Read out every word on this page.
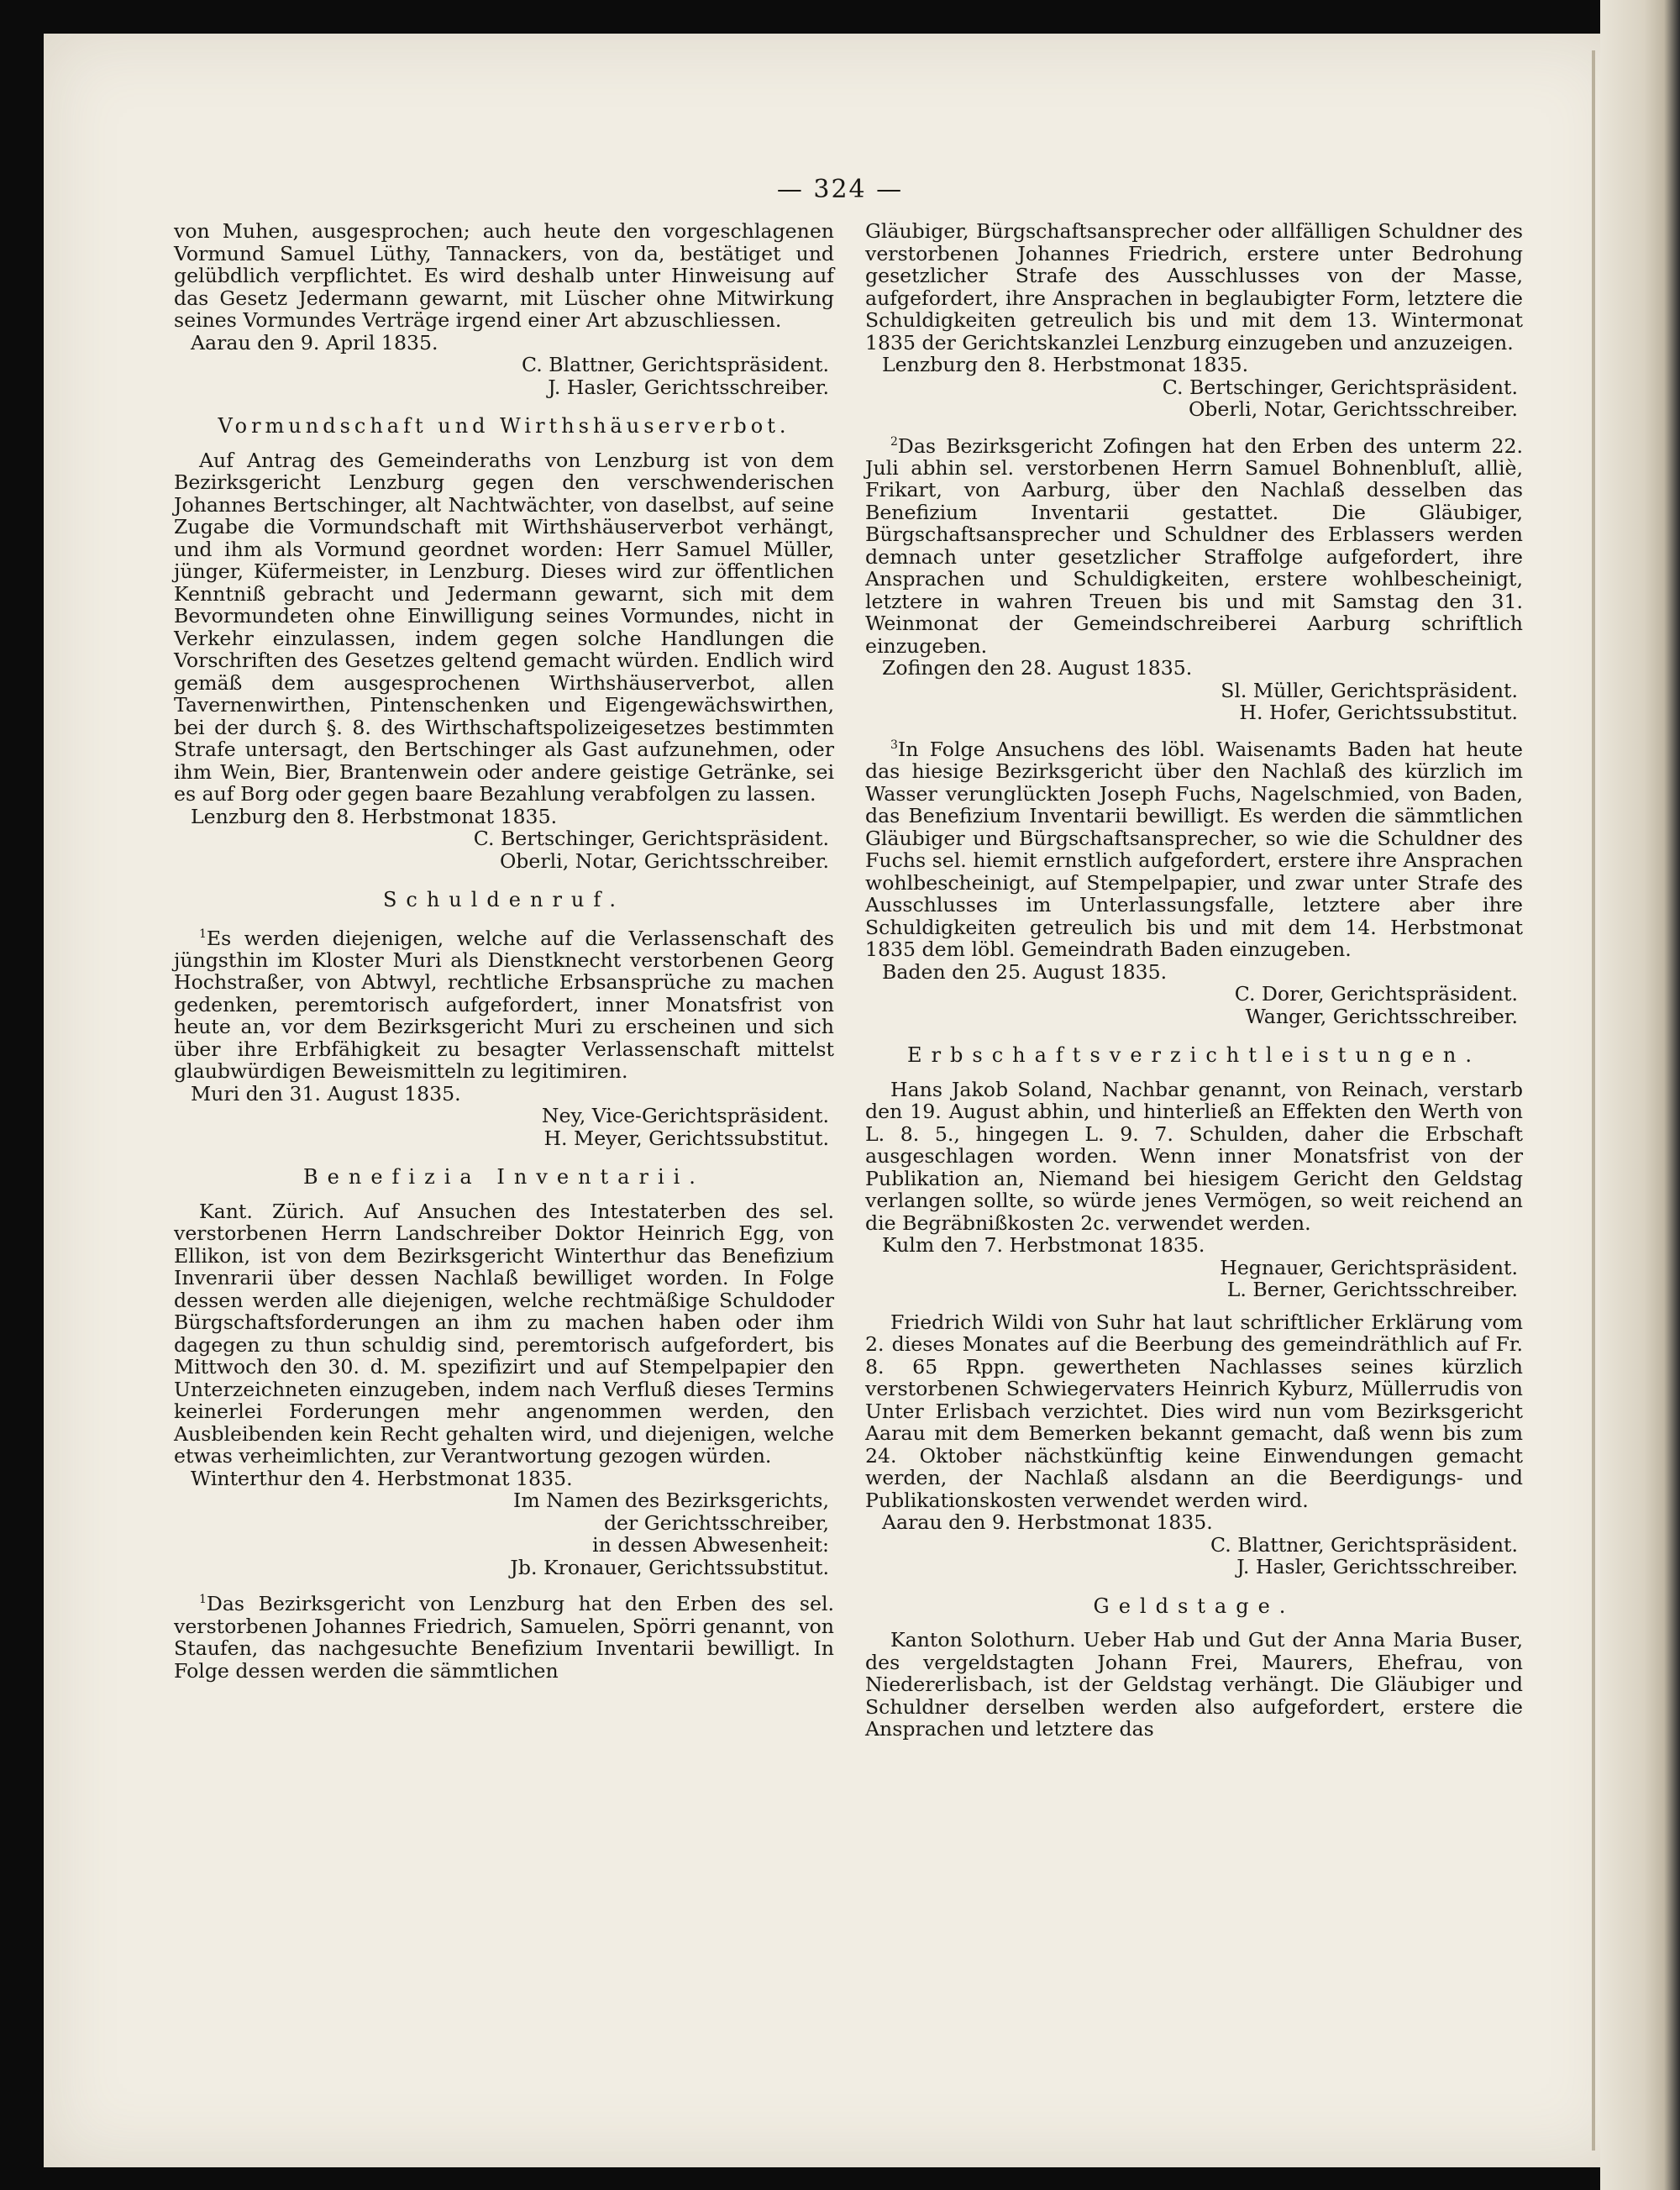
— 324 —

von Muhen, ausgesprochen; auch heute den vorgeschlagenen Vormund Samuel Lüthy, Tannackers, von da, bestätiget und gelübdlich verpflichtet. Es wird deshalb unter Hinweisung auf das Gesetz Jedermann gewarnt, mit Lüscher ohne Mitwirkung seines Vormundes Verträge irgend einer Art abzuschliessen.

Aarau den 9. April 1835.

C. Blattner, Gerichtspräsident.

J. Hasler, Gerichtsschreiber.

Vormundschaft und Wirthshäuserverbot.

Auf Antrag des Gemeinderaths von Lenzburg ist von dem Bezirksgericht Lenzburg gegen den verschwenderischen Johannes Bertschinger, alt Nachtwächter, von daselbst, auf seine Zugabe die Vormundschaft mit Wirthshäuserverbot verhängt, und ihm als Vormund geordnet worden: Herr Samuel Müller, jünger, Küfermeister, in Lenzburg. Dieses wird zur öffentlichen Kenntniß gebracht und Jedermann gewarnt, sich mit dem Bevormundeten ohne Einwilligung seines Vormundes, nicht in Verkehr einzulassen, indem gegen solche Handlungen die Vorschriften des Gesetzes geltend gemacht würden. Endlich wird gemäß dem ausgesprochenen Wirthshäuserverbot, allen Tavernenwirthen, Pintenschenken und Eigengewächswirthen, bei der durch §. 8. des Wirthschaftspolizeigesetzes bestimmten Strafe untersagt, den Bertschinger als Gast aufzunehmen, oder ihm Wein, Bier, Brantenwein oder andere geistige Getränke, sei es auf Borg oder gegen baare Bezahlung verabfolgen zu lassen.

Lenzburg den 8. Herbstmonat 1835.

C. Bertschinger, Gerichtspräsident.

Oberli, Notar, Gerichtsschreiber.

Schuldenruf.

$^1$Es werden diejenigen, welche auf die Verlassenschaft des jüngsthin im Kloster Muri als Dienstknecht verstorbenen Georg Hochstraßer, von Abtwyl, rechtliche Erbsansprüche zu machen gedenken, peremtorisch aufgefordert, inner Monatsfrist von heute an, vor dem Bezirksgericht Muri zu erscheinen und sich über ihre Erbfähigkeit zu besagter Verlassenschaft mittelst glaubwürdigen Beweismitteln zu legitimiren.

Muri den 31. August 1835.

Ney, Vice-Gerichtspräsident.

H. Meyer, Gerichtssubstitut.

Benefizia Inventarii.

Kant. Zürich. Auf Ansuchen des Intestaterben des sel. verstorbenen Herrn Landschreiber Doktor Heinrich Egg, von Ellikon, ist von dem Bezirksgericht Winterthur das Benefizium Invenrarii über dessen Nachlaß bewilliget worden. In Folge dessen werden alle diejenigen, welche rechtmäßige Schuldoder Bürgschaftsforderungen an ihm zu machen haben oder ihm dagegen zu thun schuldig sind, peremtorisch aufgefordert, bis Mittwoch den 30. d. M. spezifizirt und auf Stempelpapier den Unterzeichneten einzugeben, indem nach Verfluß dieses Termins keinerlei Forderungen mehr angenommen werden, den Ausbleibenden kein Recht gehalten wird, und diejenigen, welche etwas verheimlichten, zur Verantwortung gezogen würden.

Winterthur den 4. Herbstmonat 1835.

Im Namen des Bezirksgerichts,

der Gerichtsschreiber,

in dessen Abwesenheit:

Jb. Kronauer, Gerichtssubstitut.

$^1$Das Bezirksgericht von Lenzburg hat den Erben des sel. verstorbenen Johannes Friedrich, Samuelen, Spörri genannt, von Staufen, das nachgesuchte Benefizium Inventarii bewilligt. In Folge dessen werden die sämmtlichen

Gläubiger, Bürgschaftsansprecher oder allfälligen Schuldner des verstorbenen Johannes Friedrich, erstere unter Bedrohung gesetzlicher Strafe des Ausschlusses von der Masse, aufgefordert, ihre Ansprachen in beglaubigter Form, letztere die Schuldigkeiten getreulich bis und mit dem 13. Wintermonat 1835 der Gerichtskanzlei Lenzburg einzugeben und anzuzeigen.

Lenzburg den 8. Herbstmonat 1835.

C. Bertschinger, Gerichtspräsident.

Oberli, Notar, Gerichtsschreiber.

$^2$Das Bezirksgericht Zofingen hat den Erben des unterm 22. Juli abhin sel. verstorbenen Herrn Samuel Bohnenbluſt, alliè, Frikart, von Aarburg, über den Nachlaß desselben das Benefizium Inventarii gestattet. Die Gläubiger, Bürgschaftsansprecher und Schuldner des Erblassers werden demnach unter gesetzlicher Straffolge aufgefordert, ihre Ansprachen und Schuldigkeiten, erstere wohlbescheinigt, letztere in wahren Treuen bis und mit Samstag den 31. Weinmonat der Gemeindschreiberei Aarburg schriftlich einzugeben.

Zofingen den 28. August 1835.

Sl. Müller, Gerichtspräsident.

H. Hofer, Gerichtssubstitut.

$^3$In Folge Ansuchens des löbl. Waisenamts Baden hat heute das hiesige Bezirksgericht über den Nachlaß des kürzlich im Wasser verunglückten Joseph Fuchs, Nagelschmied, von Baden, das Benefizium Inventarii bewilligt. Es werden die sämmtlichen Gläubiger und Bürgschaftsansprecher, so wie die Schuldner des Fuchs sel. hiemit ernstlich aufgefordert, erstere ihre Ansprachen wohlbescheinigt, auf Stempelpapier, und zwar unter Strafe des Ausschlusses im Unterlassungsfalle, letztere aber ihre Schuldigkeiten getreulich bis und mit dem 14. Herbstmonat 1835 dem löbl. Gemeindrath Baden einzugeben.

Baden den 25. August 1835.

C. Dorer, Gerichtspräsident.

Wanger, Gerichtsschreiber.

Erbschaftsverzichtleistungen.

Hans Jakob Soland, Nachbar genannt, von Reinach, verstarb den 19. August abhin, und hinterließ an Effekten den Werth von L. 8. 5., hingegen L. 9. 7. Schulden, daher die Erbschaft ausgeschlagen worden. Wenn inner Monatsfrist von der Publikation an, Niemand bei hiesigem Gericht den Geldstag verlangen sollte, so würde jenes Vermögen, so weit reichend an die Begräbnißkosten 2c. verwendet werden.

Kulm den 7. Herbstmonat 1835.

Hegnauer, Gerichtspräsident.

L. Berner, Gerichtsschreiber.

Friedrich Wildi von Suhr hat laut schriftlicher Erklärung vom 2. dieses Monates auf die Beerbung des gemeindräthlich auf Fr. 8. 65 Rppn. gewertheten Nachlasses seines kürzlich verstorbenen Schwiegervaters Heinrich Kyburz, Müllerrudis von Unter Erlisbach verzichtet. Dies wird nun vom Bezirksgericht Aarau mit dem Bemerken bekannt gemacht, daß wenn bis zum 24. Oktober nächstkünftig keine Einwendungen gemacht werden, der Nachlaß alsdann an die Beerdigungs- und Publikationskosten verwendet werden wird.

Aarau den 9. Herbstmonat 1835.

C. Blattner, Gerichtspräsident.

J. Hasler, Gerichtsschreiber.

Geldstage.

Kanton Solothurn. Ueber Hab und Gut der Anna Maria Buser, des vergeldstagten Johann Frei, Maurers, Ehefrau, von Niedererlisbach, ist der Geldstag verhängt. Die Gläubiger und Schuldner derselben werden also aufgefordert, erstere die Ansprachen und letztere das
